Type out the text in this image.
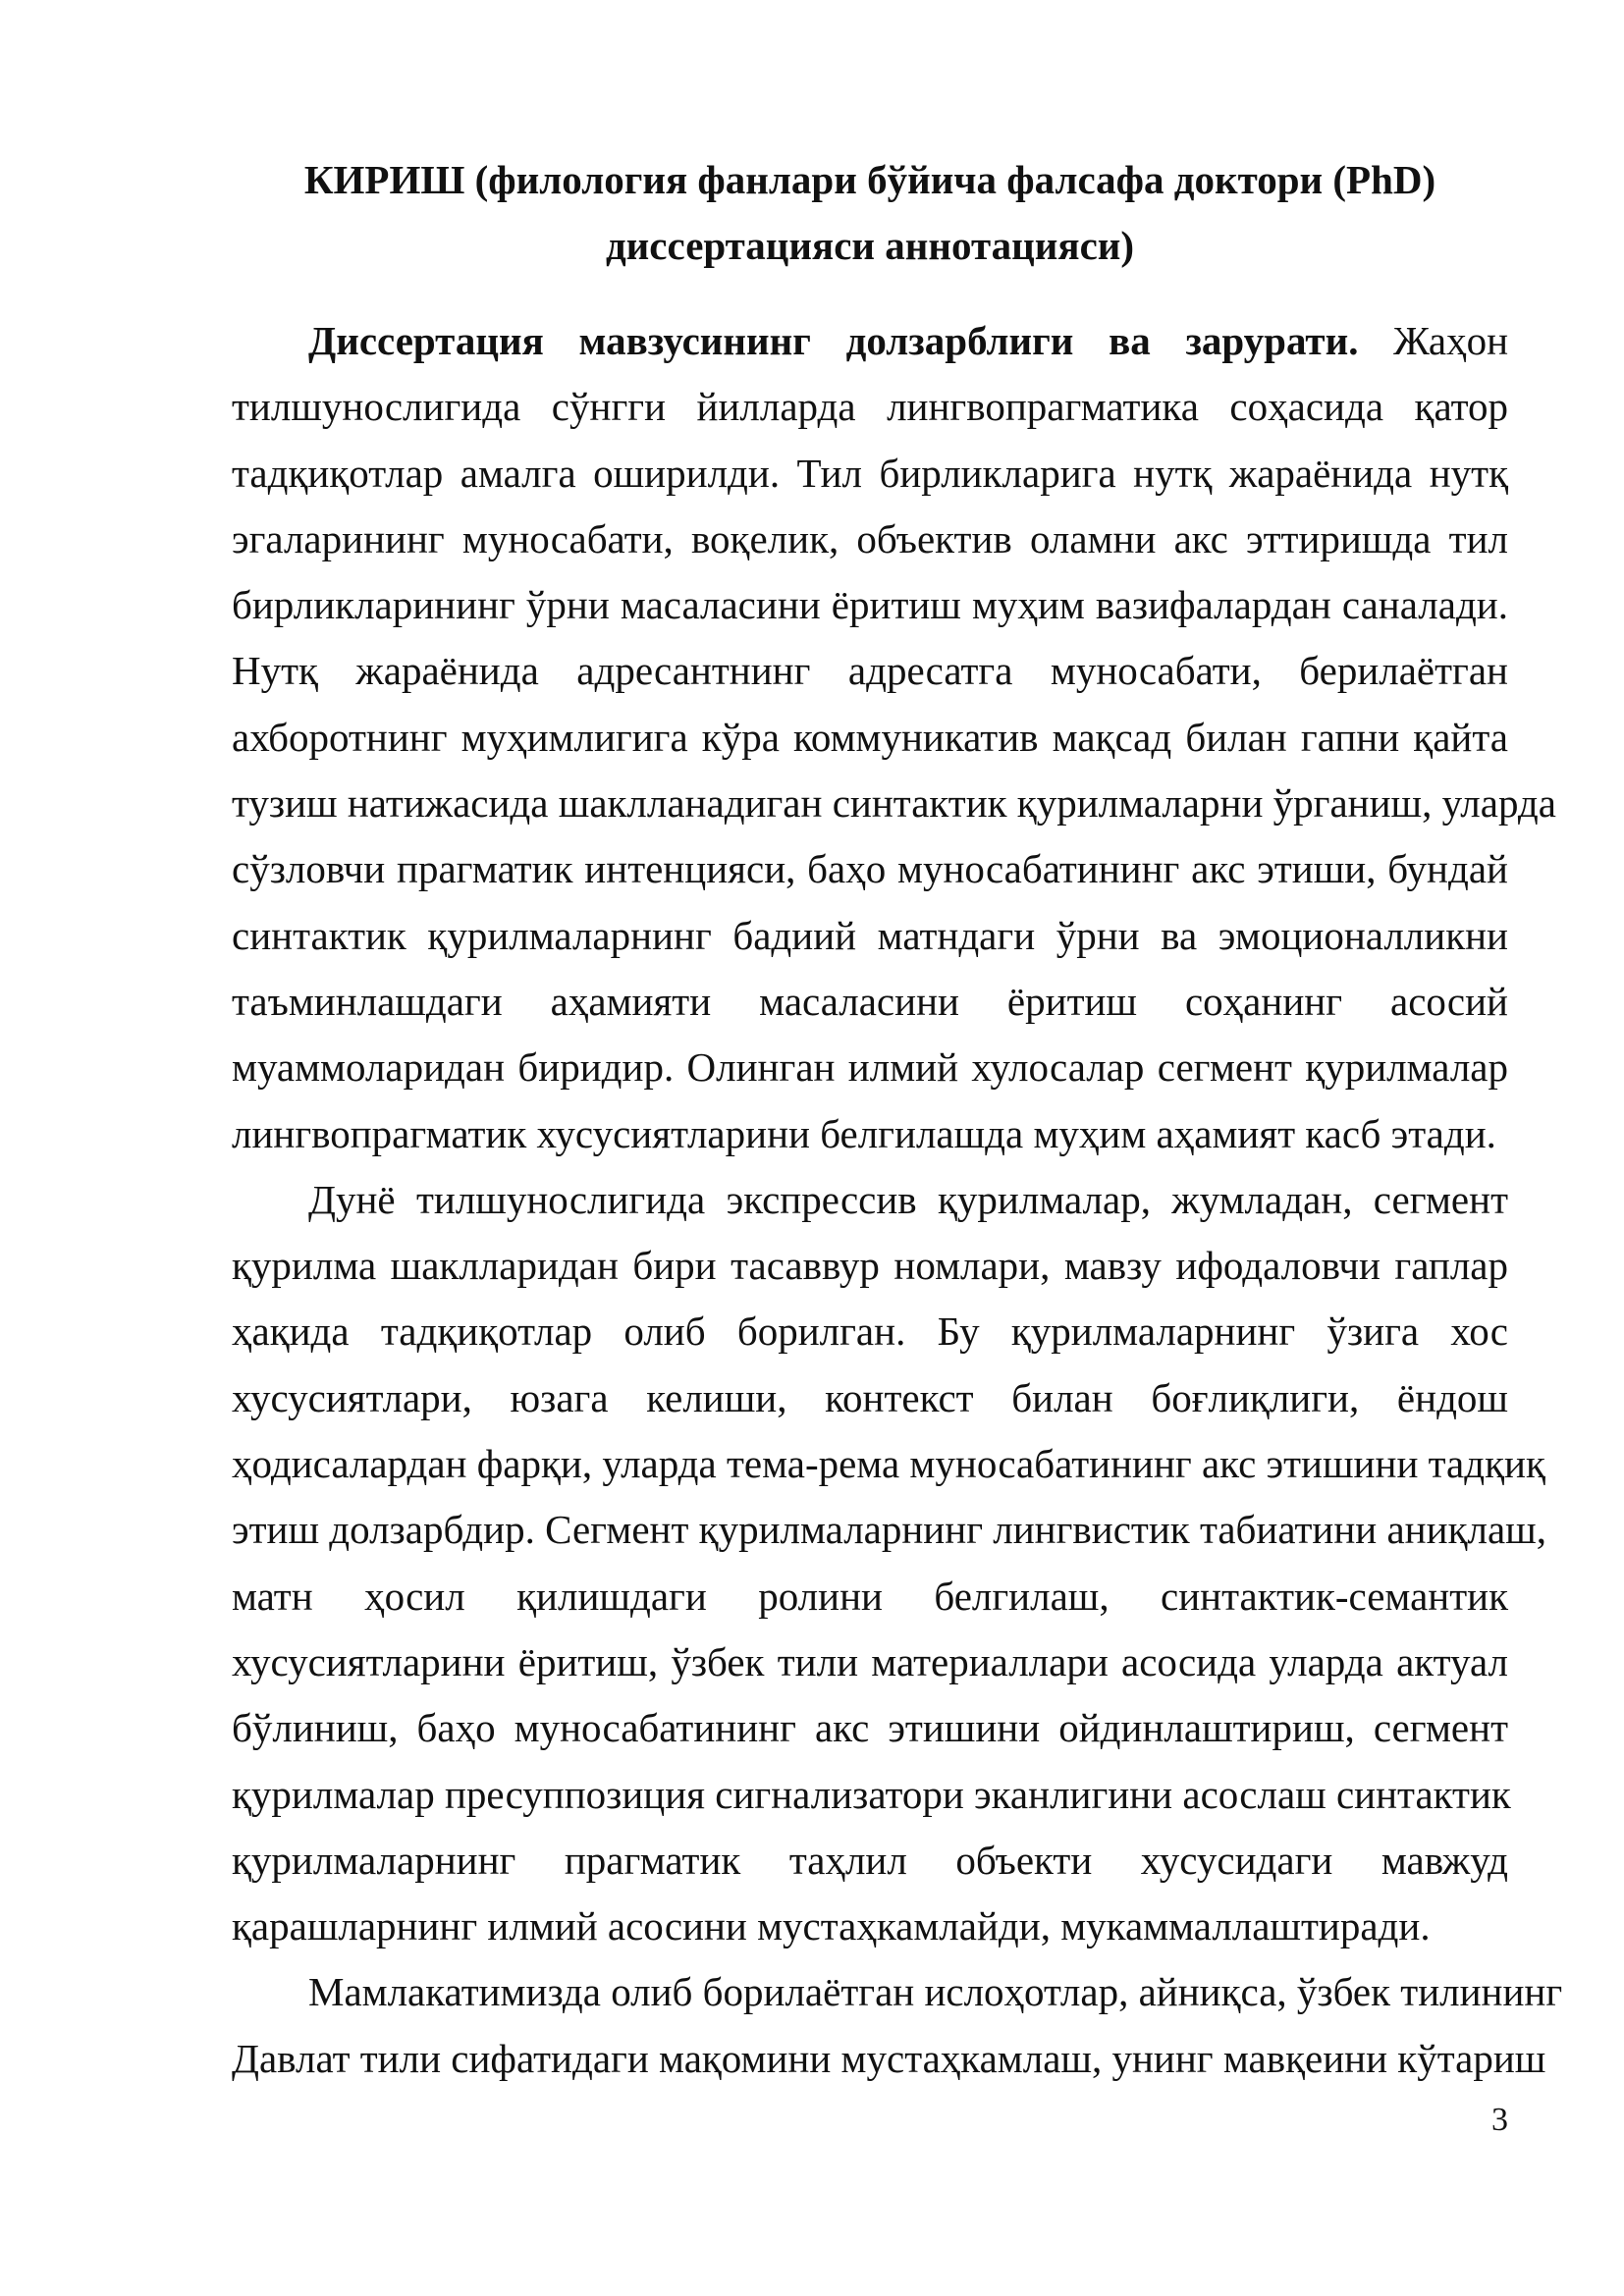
КИРИШ (филология фанлари бўйича фалсафа доктори (PhD)
диссертацияси аннотацияси)
Диссертация мавзусининг долзарблиги ва зарурати. Жаҳон
тилшунослигида сўнгги йилларда лингвопрагматика соҳасида қатор
тадқиқотлар амалга оширилди. Тил бирликларига нутқ жараёнида нутқ
эгаларининг муносабати, воқелик, объектив оламни акс эттиришда тил
бирликларининг ўрни масаласини ёритиш муҳим вазифалардан саналади.
Нутқ жараёнида адресантнинг адресатга муносабати, берилаётган
ахборотнинг муҳимлигига кўра коммуникатив мақсад билан гапни қайта
тузиш натижасида шаклланадиган синтактик қурилмаларни ўрганиш, уларда
сўзловчи прагматик интенцияси, баҳо муносабатининг акс этиши, бундай
синтактик қурилмаларнинг бадиий матндаги ўрни ва эмоционалликни
таъминлашдаги аҳамияти масаласини ёритиш соҳанинг асосий
муаммоларидан биридир. Олинган илмий хулосалар сегмент қурилмалар
лингвопрагматик хусусиятларини белгилашда муҳим аҳамият касб этади.
Дунё тилшунослигида экспрессив қурилмалар, жумладан, сегмент
қурилма шаклларидан бири тасаввур номлари, мавзу ифодаловчи гаплар
ҳақида тадқиқотлар олиб борилган. Бу қурилмаларнинг ўзига хос
хусусиятлари, юзага келиши, контекст билан боғлиқлиги, ёндош
ҳодисалардан фарқи, уларда тема-рема муносабатининг акс этишини тадқиқ
этиш долзарбдир. Сегмент қурилмаларнинг лингвистик табиатини аниқлаш,
матн ҳосил қилишдаги ролини белгилаш, синтактик-семантик
хусусиятларини ёритиш, ўзбек тили материаллари асосида уларда актуал
бўлиниш, баҳо муносабатининг акс этишини ойдинлаштириш, сегмент
қурилмалар пресуппозиция сигнализатори эканлигини асослаш синтактик
қурилмаларнинг прагматик таҳлил объекти хусусидаги мавжуд
қарашларнинг илмий асосини мустаҳкамлайди, мукаммаллаштиради.
Мамлакатимизда олиб борилаётган ислоҳотлар, айниқса, ўзбек тилининг
Давлат тили сифатидаги мақомини мустаҳкамлаш, унинг мавқеини кўтариш
3
